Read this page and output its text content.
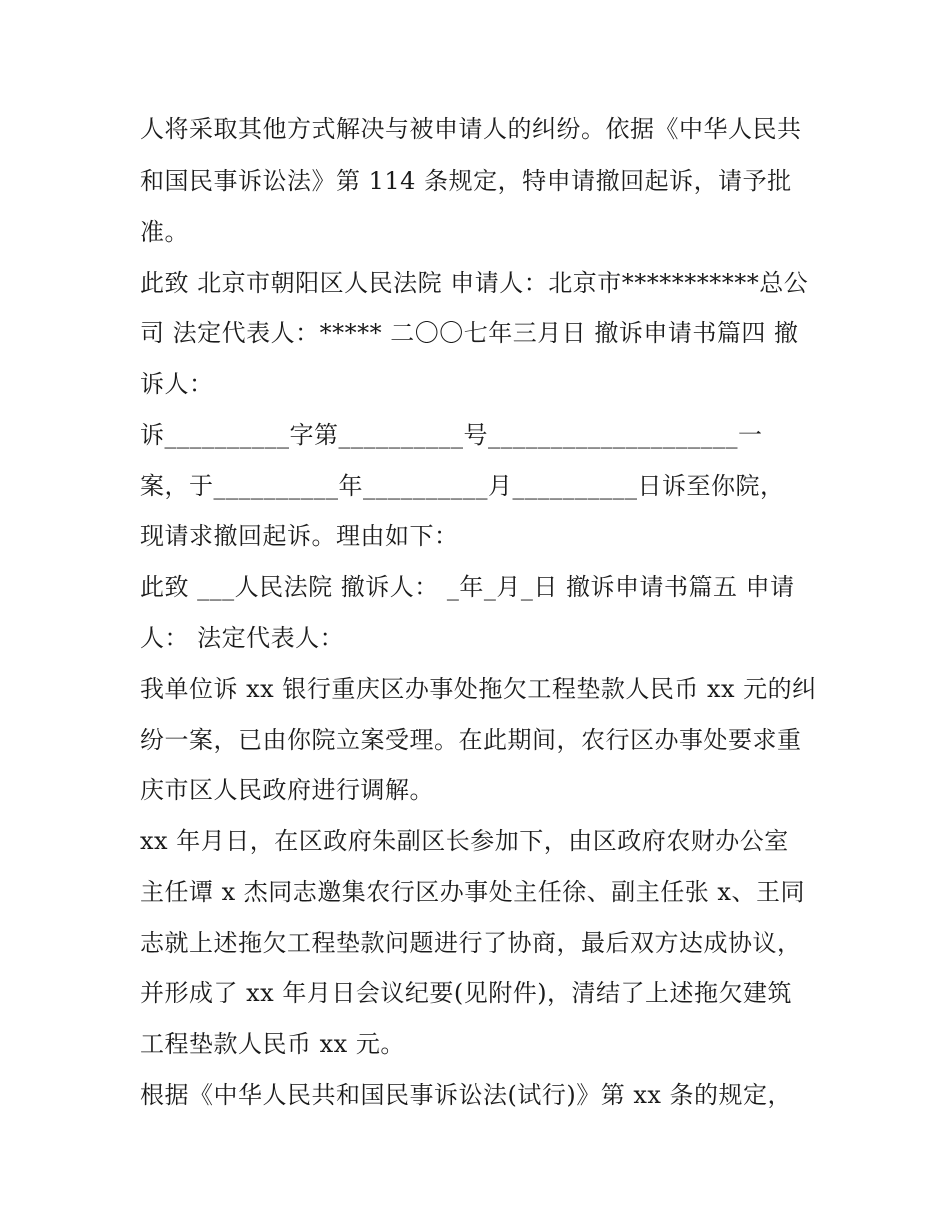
人将采取其他方式解决与被申请人的纠纷。依据《中华人民共
和国民事诉讼法》第 114 条规定，特申请撤回起诉，请予批
准。
此致 北京市朝阳区人民法院 申请人：北京市***********总公
司 法定代表人：***** 二〇〇七年三月日 撤诉申请书篇四 撤
诉人：
诉__________字第__________号____________________一
案，于__________年__________月__________日诉至你院，
现请求撤回起诉。理由如下：
此致 ___人民法院 撤诉人： _年_月_日 撤诉申请书篇五 申请
人： 法定代表人：
我单位诉 xx 银行重庆区办事处拖欠工程垫款人民币 xx 元的纠
纷一案，已由你院立案受理。在此期间，农行区办事处要求重
庆市区人民政府进行调解。
xx 年月日，在区政府朱副区长参加下，由区政府农财办公室
主任谭 x 杰同志邀集农行区办事处主任徐、副主任张 x、王同
志就上述拖欠工程垫款问题进行了协商，最后双方达成协议，
并形成了 xx 年月日会议纪要(见附件)，清结了上述拖欠建筑
工程垫款人民币 xx 元。
根据《中华人民共和国民事诉讼法(试行)》第 xx 条的规定，
